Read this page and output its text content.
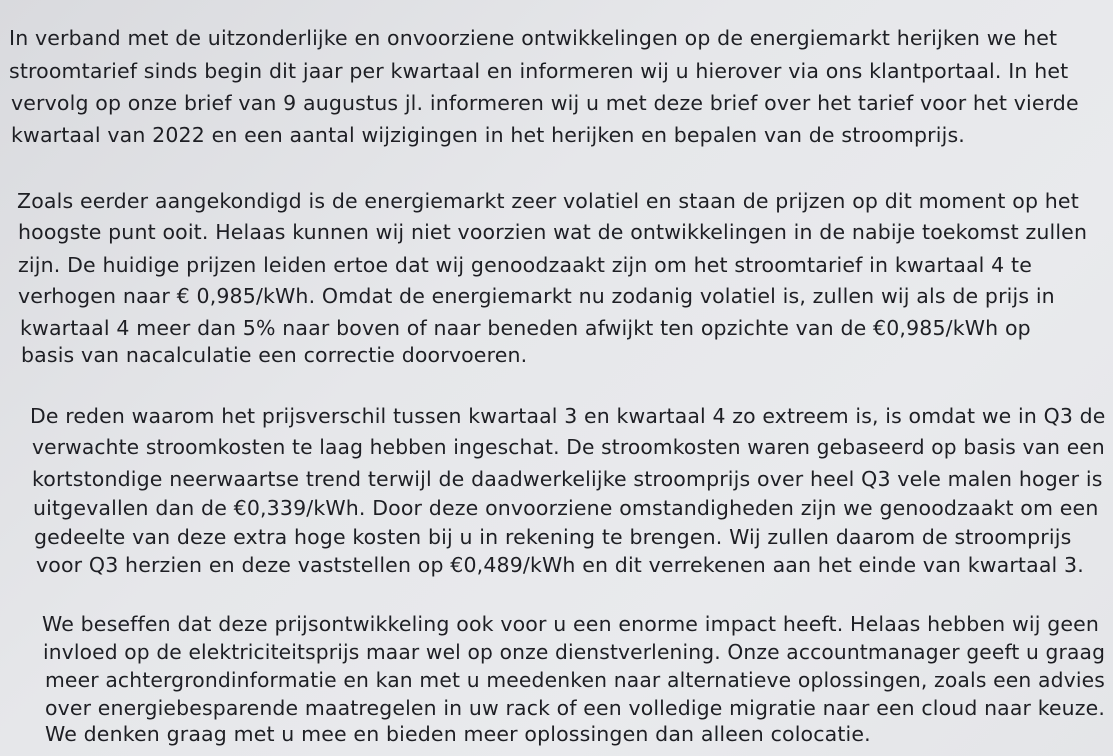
In verband met de uitzonderlijke en onvoorziene ontwikkelingen op de energiemarkt herijken we het
stroomtarief sinds begin dit jaar per kwartaal en informeren wij u hierover via ons klantportaal. In het
vervolg op onze brief van 9 augustus jl. informeren wij u met deze brief over het tarief voor het vierde
kwartaal van 2022 en een aantal wijzigingen in het herijken en bepalen van de stroomprijs.
Zoals eerder aangekondigd is de energiemarkt zeer volatiel en staan de prijzen op dit moment op het
hoogste punt ooit. Helaas kunnen wij niet voorzien wat de ontwikkelingen in de nabije toekomst zullen
zijn. De huidige prijzen leiden ertoe dat wij genoodzaakt zijn om het stroomtarief in kwartaal 4 te
verhogen naar € 0,985/kWh. Omdat de energiemarkt nu zodanig volatiel is, zullen wij als de prijs in
kwartaal 4 meer dan 5% naar boven of naar beneden afwijkt ten opzichte van de €0,985/kWh op
basis van nacalculatie een correctie doorvoeren.
De reden waarom het prijsverschil tussen kwartaal 3 en kwartaal 4 zo extreem is, is omdat we in Q3 de
verwachte stroomkosten te laag hebben ingeschat. De stroomkosten waren gebaseerd op basis van een
kortstondige neerwaartse trend terwijl de daadwerkelijke stroomprijs over heel Q3 vele malen hoger is
uitgevallen dan de €0,339/kWh. Door deze onvoorziene omstandigheden zijn we genoodzaakt om een
gedeelte van deze extra hoge kosten bij u in rekening te brengen. Wij zullen daarom de stroomprijs
voor Q3 herzien en deze vaststellen op €0,489/kWh en dit verrekenen aan het einde van kwartaal 3.
We beseffen dat deze prijsontwikkeling ook voor u een enorme impact heeft. Helaas hebben wij geen
invloed op de elektriciteitsprijs maar wel op onze dienstverlening. Onze accountmanager geeft u graag
meer achtergrondinformatie en kan met u meedenken naar alternatieve oplossingen, zoals een advies
over energiebesparende maatregelen in uw rack of een volledige migratie naar een cloud naar keuze.
We denken graag met u mee en bieden meer oplossingen dan alleen colocatie.
